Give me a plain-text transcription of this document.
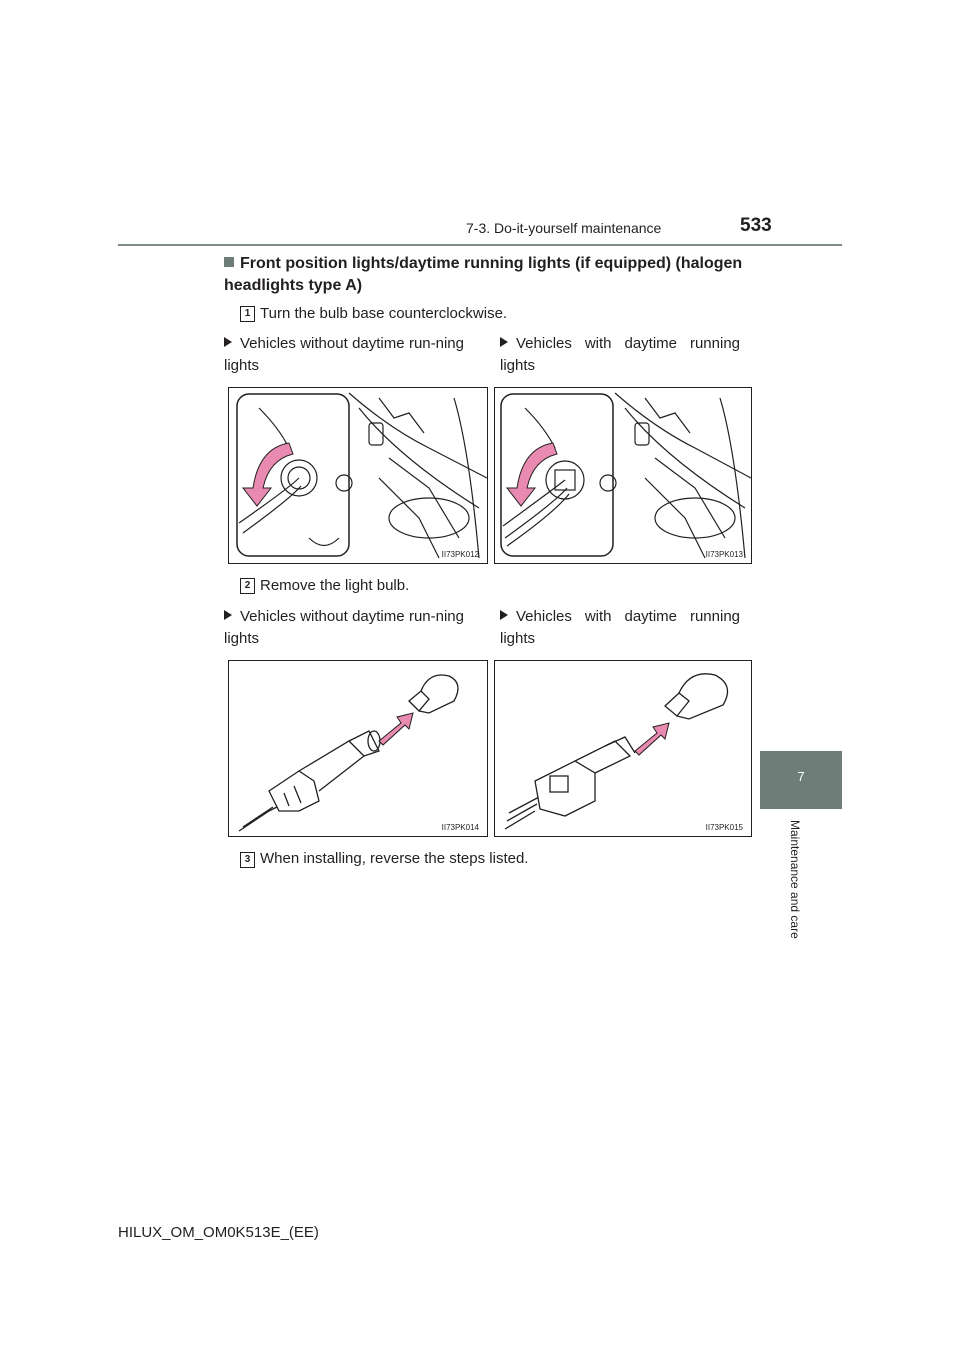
7-3. Do-it-yourself maintenance	533
7
Maintenance and care
Front position lights/daytime running lights (if equipped) (halogen headlights type A)
1 Turn the bulb base counterclockwise.
Vehicles without daytime run-ning lights
Vehicles with daytime running lights
II73PK012	II73PK013
2 Remove the light bulb.
Vehicles without daytime run-ning lights
Vehicles with daytime running lights
II73PK014	II73PK015
3 When installing, reverse the steps listed.
HILUX_OM_OM0K513E_(EE)
